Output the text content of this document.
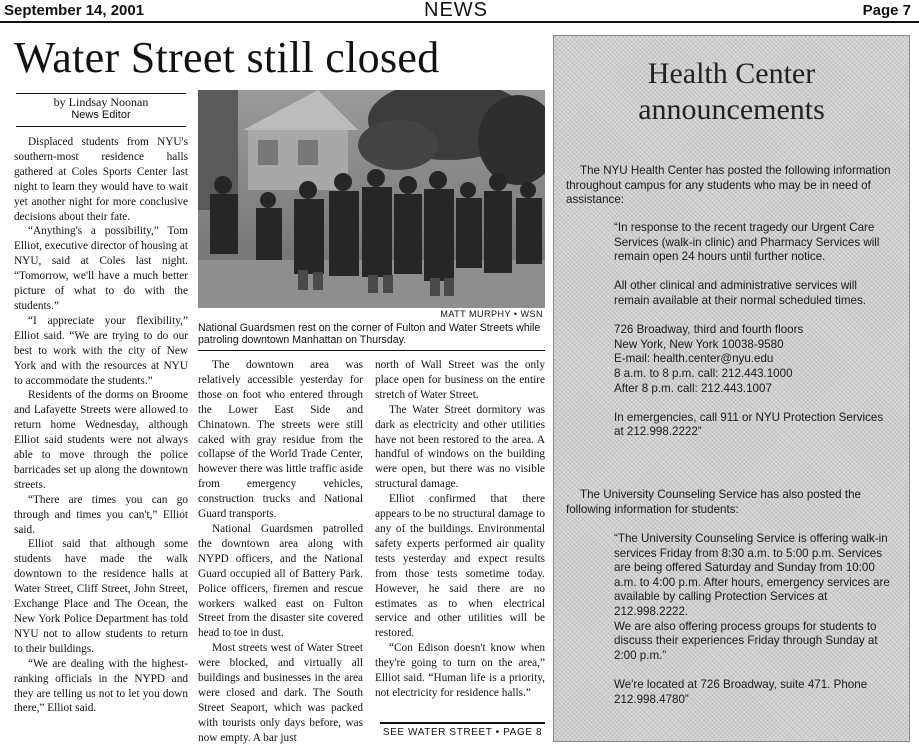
September 14, 2001	NEWS	Page 7
Water Street still closed
by Lindsay Noonan
News Editor

Displaced students from NYU's southern-most residence halls gathered at Coles Sports Center last night to learn they would have to wait yet another night for more conclusive decisions about their fate.

“Anything's a possibility,” Tom Elliot, executive director of housing at NYU, said at Coles last night. “Tomorrow, we'll have a much better picture of what to do with the students.”

“I appreciate your flexibility,” Elliot said. “We are trying to do our best to work with the city of New York and with the resources at NYU to accommodate the students.”

Residents of the dorms on Broome and Lafayette Streets were allowed to return home Wednesday, although Elliot said students were not always able to move through the police barricades set up along the downtown streets.

“There are times you can go through and times you can't,” Elliot said.

Elliot said that although some students have made the walk downtown to the residence halls at Water Street, Cliff Street, John Street, Exchange Place and The Ocean, the New York Police Department has told NYU not to allow students to return to their buildings.

“We are dealing with the highest-ranking officials in the NYPD and they are telling us not to let you down there,” Elliot said.

MATT MURPHY • WSN
National Guardsmen rest on the corner of Fulton and Water Streets while patroling downtown Manhattan on Thursday.

The downtown area was relatively accessible yesterday for those on foot who entered through the Lower East Side and Chinatown. The streets were still caked with gray residue from the collapse of the World Trade Center, however there was little traffic aside from emergency vehicles, construction trucks and National Guard transports.

National Guardsmen patrolled the downtown area along with NYPD officers, and the National Guard occupied all of Battery Park. Police officers, firemen and rescue workers walked east on Fulton Street from the disaster site covered head to toe in dust.

Most streets west of Water Street were blocked, and virtually all buildings and businesses in the area were closed and dark. The South Street Seaport, which was packed with tourists only days before, was now empty. A bar just

north of Wall Street was the only place open for business on the entire stretch of Water Street.

The Water Street dormitory was dark as electricity and other utilities have not been restored to the area. A handful of windows on the building were open, but there was no visible structural damage.

Elliot confirmed that there appears to be no structural damage to any of the buildings. Environmental safety experts performed air quality tests yesterday and expect results from those tests sometime today. However, he said there are no estimates as to when electrical service and other utilities will be restored.

“Con Edison doesn't know when they're going to turn on the area,” Elliot said. “Human life is a priority, not electricity for residence halls.”

SEE WATER STREET • PAGE 8
Health Center
announcements

The NYU Health Center has posted the following information throughout campus for any students who may be in need of assistance:

“In response to the recent tragedy our Urgent Care Services (walk-in clinic) and Pharmacy Services will remain open 24 hours until further notice.

All other clinical and administrative services will remain available at their normal scheduled times.

726 Broadway, third and fourth floors

New York, New York 10038-9580

E-mail: health.center@nyu.edu

8 a.m. to 8 p.m. call: 212.443.1000

After 8 p.m. call: 212.443.1007

In emergencies, call 911 or NYU Protection Services at 212.998.2222”

The University Counseling Service has also posted the following information for students:

“The University Counseling Service is offering walk-in services Friday from 8:30 a.m. to 5:00 p.m. Services are being offered Saturday and Sunday from 10:00 a.m. to 4:00 p.m. After hours, emergency services are available by calling Protection Services at 212.998.2222.

We are also offering process groups for students to discuss their experiences Friday through Sunday at 2:00 p.m.”

We're located at 726 Broadway, suite 471. Phone 212.998.4780”
